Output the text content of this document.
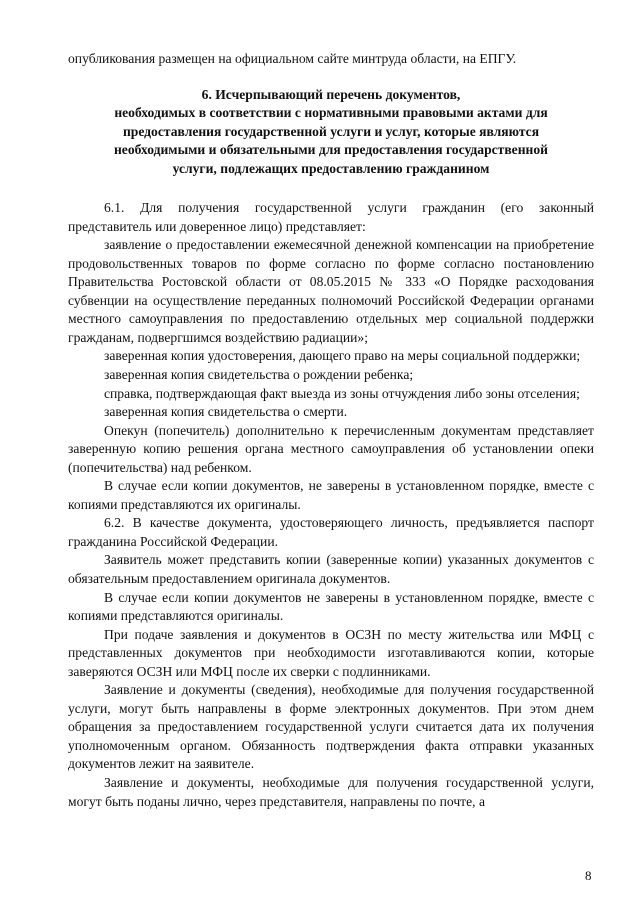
опубликования размещен на официальном сайте минтруда области, на ЕПГУ.

6. Исчерпывающий перечень документов,
необходимых в соответствии с нормативными правовыми актами для
предоставления государственной услуги и услуг, которые являются
необходимыми и обязательными для предоставления государственной
услуги, подлежащих предоставлению гражданином

6.1. Для получения государственной услуги гражданин (его законный представитель или доверенное лицо) представляет:

заявление о предоставлении ежемесячной денежной компенсации на приобретение продовольственных товаров по форме согласно по форме согласно постановлению Правительства Ростовской области от 08.05.2015 № 333 «О Порядке расходования субвенции на осуществление переданных полномочий Российской Федерации органами местного самоуправления по предоставлению отдельных мер социальной поддержки гражданам, подвергшимся воздействию радиации»;

заверенная копия удостоверения, дающего право на меры социальной поддержки;

заверенная копия свидетельства о рождении ребенка;

справка, подтверждающая факт выезда из зоны отчуждения либо зоны отселения;

заверенная копия свидетельства о смерти.

Опекун (попечитель) дополнительно к перечисленным документам представляет заверенную копию решения органа местного самоуправления об установлении опеки (попечительства) над ребенком.

В случае если копии документов, не заверены в установленном порядке, вместе с копиями представляются их оригиналы.

6.2. В качестве документа, удостоверяющего личность, предъявляется паспорт гражданина Российской Федерации.

Заявитель может представить копии (заверенные копии) указанных документов с обязательным предоставлением оригинала документов.

В случае если копии документов не заверены в установленном порядке, вместе с копиями представляются оригиналы.

При подаче заявления и документов в ОСЗН по месту жительства или МФЦ с представленных документов при необходимости изготавливаются копии, которые заверяются ОСЗН или МФЦ после их сверки с подлинниками.

Заявление и документы (сведения), необходимые для получения государственной услуги, могут быть направлены в форме электронных документов. При этом днем обращения за предоставлением государственной услуги считается дата их получения уполномоченным органом. Обязанность подтверждения факта отправки указанных документов лежит на заявителе.

Заявление и документы, необходимые для получения государственной услуги, могут быть поданы лично, через представителя, направлены по почте, а

8
